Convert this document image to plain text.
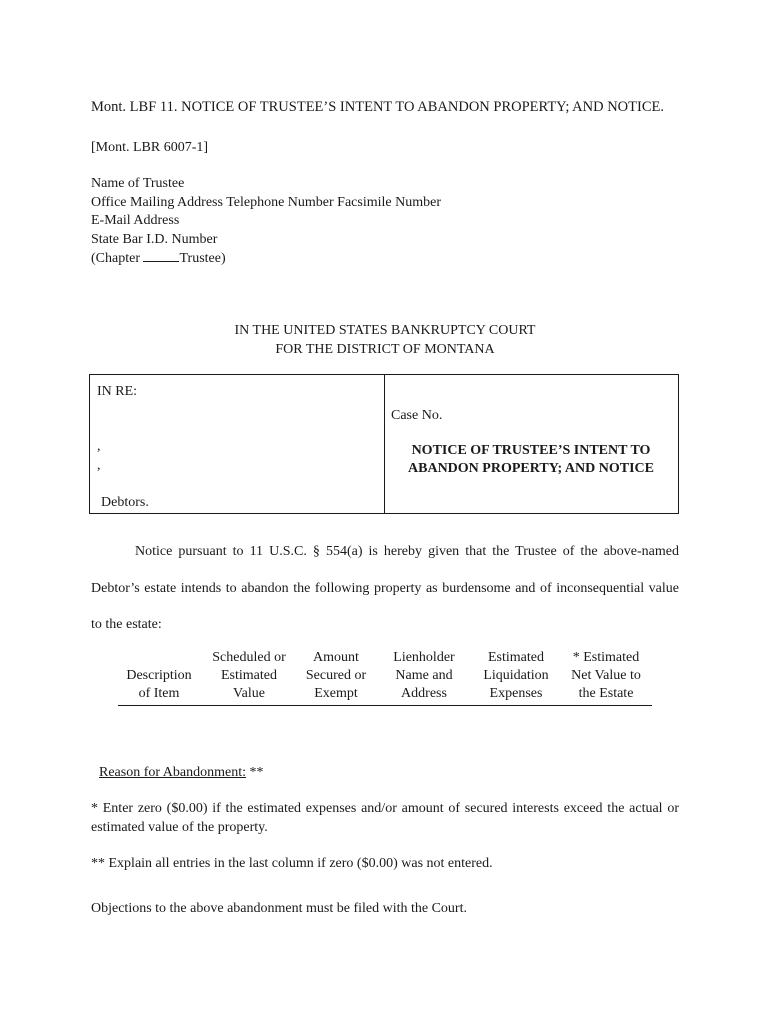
Mont. LBF 11. NOTICE OF TRUSTEE’S INTENT TO ABANDON PROPERTY; AND NOTICE.
[Mont. LBR 6007-1]
Name of Trustee
Office Mailing Address Telephone Number Facsimile Number
E-Mail Address
State Bar I.D. Number
(Chapter	Trustee)
IN THE UNITED STATES BANKRUPTCY COURT
FOR THE DISTRICT OF MONTANA
IN RE:
,
,
Debtors.
Case No.
NOTICE OF TRUSTEE’S INTENT TO
ABANDON PROPERTY; AND NOTICE

Notice pursuant to 11 U.S.C. § 554(a) is hereby given that the Trustee of the above-named Debtor’s estate intends to abandon the following property as burdensome and of inconsequential value to the estate:

Description
of Item
Scheduled or
Estimated
Value
Amount
Secured or
Exempt
Lienholder
Name and
Address
Estimated
Liquidation
Expenses
* Estimated
Net Value to
the Estate
Reason for Abandonment: **

* Enter zero ($0.00) if the estimated expenses and/or amount of secured interests exceed the actual or estimated value of the property.

** Explain all entries in the last column if zero ($0.00) was not entered.
Objections to the above abandonment must be filed with the Court.
